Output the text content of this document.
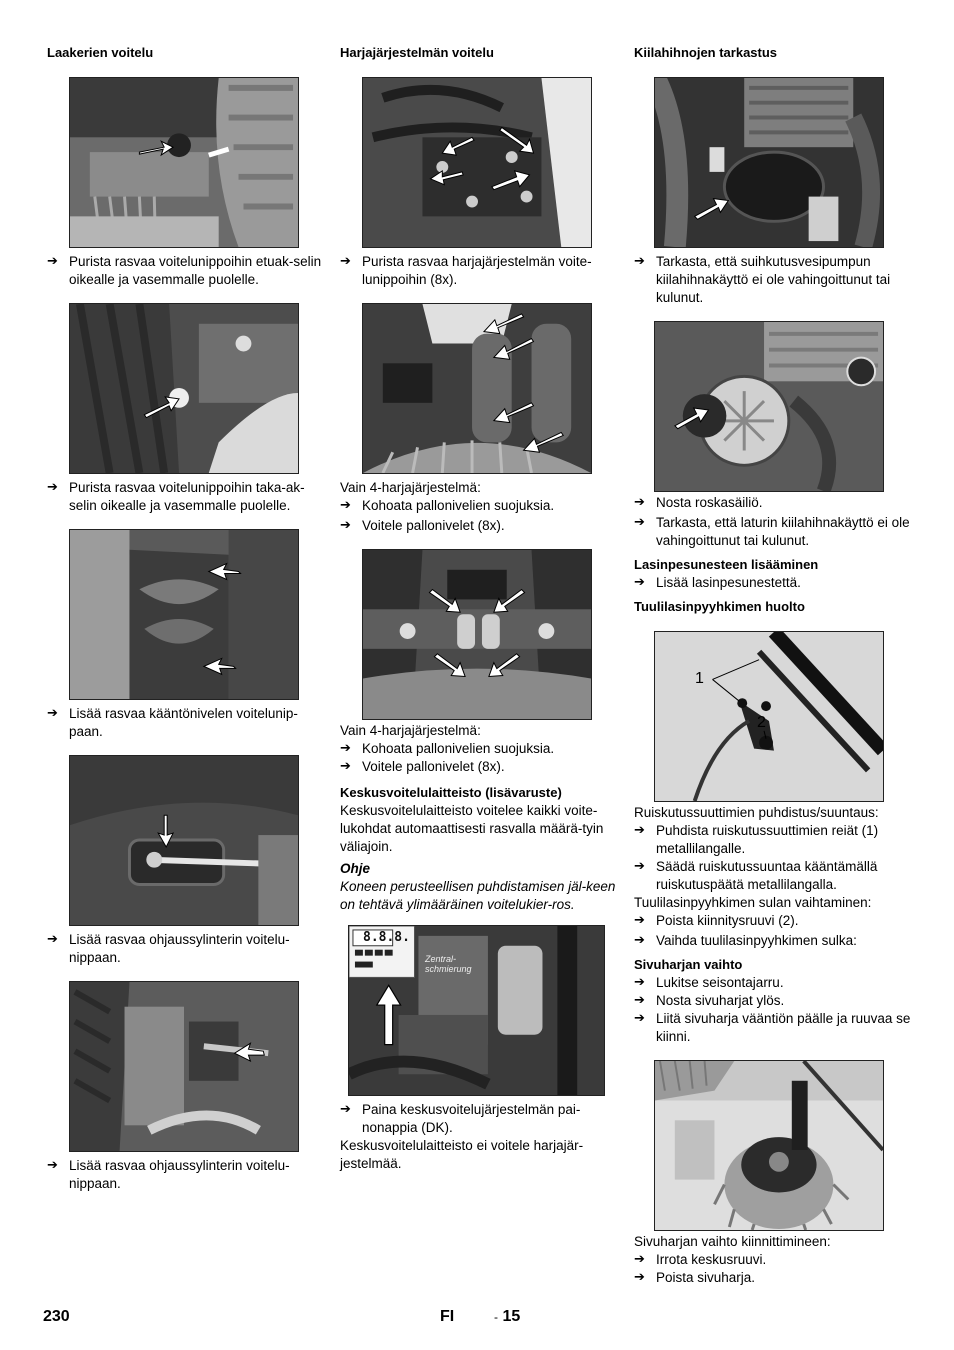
Laakerien voitelu
➔ Purista rasvaa voitelunippoihin etuak-selin oikealle ja vasemmalle puolelle.
➔ Purista rasvaa voitelunippoihin taka-ak-selin oikealle ja vasemmalle puolelle.
➔ Lisää rasvaa kääntönivelen voitelunip-paan.
➔ Lisää rasvaa ohjaussylinterin voitelu-nippaan.
➔ Lisää rasvaa ohjaussylinterin voitelu-nippaan.
Harjajärjestelmän voitelu
➔ Purista rasvaa harjajärjestelmän voite-lunippoihin (8x).
Vain 4-harjajärjestelmä:
➔ Kohoata pallonivelien suojuksia.
➔ Voitele pallonivelet (8x).
Vain 4-harjajärjestelmä:
➔ Kohoata pallonivelien suojuksia.
➔ Voitele pallonivelet (8x).
Keskusvoitelulaitteisto (lisävaruste)
Keskusvoitelulaitteisto voitelee kaikki voite-lukohdat automaattisesti rasvalla määrä-tyin väliajoin.
Ohje
Koneen perusteellisen puhdistamisen jäl-keen on tehtävä ylimääräinen voitelukier-ros.
8.8.8.
Zentral-schmierung
➔ Paina keskusvoitelujärjestelmän pai-nonappia (DK).
Keskusvoitelulaitteisto ei voitele harjajär-jestelmää.
Kiilahihnojen tarkastus
➔ Tarkasta, että suihkutusvesipumpun kiilahihnakäyttö ei ole vahingoittunut tai kulunut.
➔ Nosta roskasäiliö.
➔ Tarkasta, että laturin kiilahihnakäyttö ei ole vahingoittunut tai kulunut.
Lasinpesunesteen lisääminen
➔ Lisää lasinpesunestettä.
Tuulilasinpyyhkimen huolto
1
2
Ruiskutussuuttimien puhdistus/suuntaus:
➔ Puhdista ruiskutussuuttimien reiät (1) metallilangalle.
➔ Säädä ruiskutussuuntaa kääntämällä ruiskutuspäätä metallilangalla.
Tuulilasinpyyhkimen sulan vaihtaminen:
➔ Poista kiinnitysruuvi (2).
➔ Vaihda tuulilasinpyyhkimen sulka:
Sivuharjan vaihto
➔ Lukitse seisontajarru.
➔ Nosta sivuharjat ylös.
➔ Liitä sivuharja vääntiön päälle ja ruuvaa se kiinni.
Sivuharjan vaihto kiinnittimineen:
➔ Irrota keskusruuvi.
➔ Poista sivuharja.
230	FI	- 15
